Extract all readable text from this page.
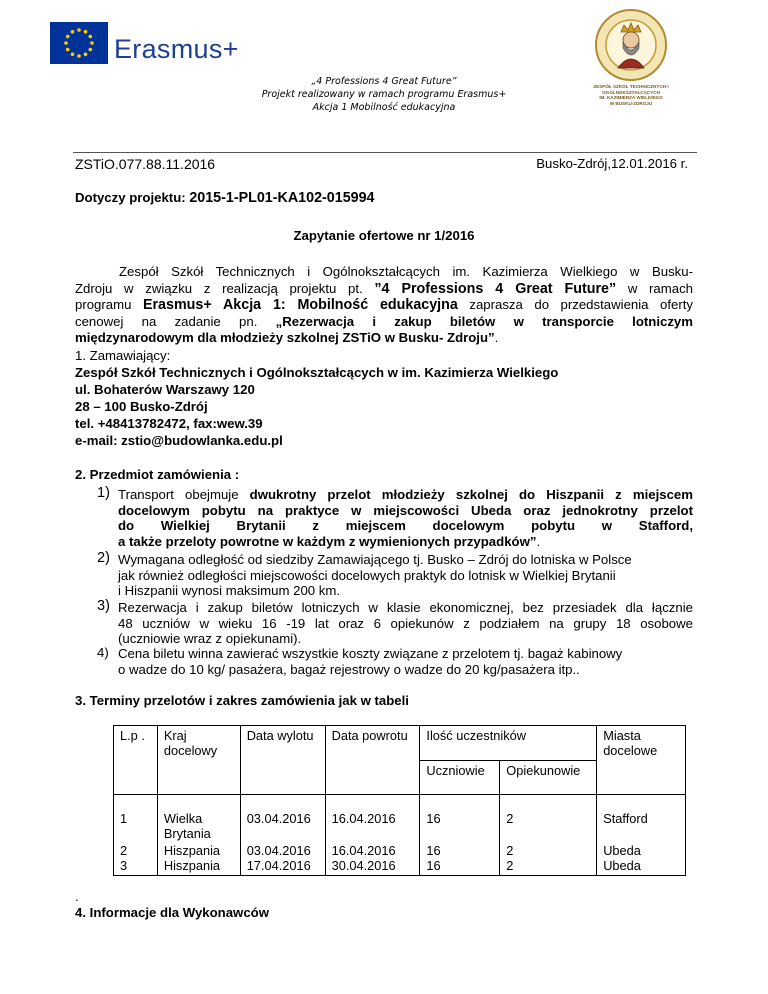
Erasmus+
ZESPÓŁ SZKÓŁ TECHNICZNYCH I OGÓLNOKSZTAŁCĄCYCH
IM. KAZIMIERZA WIELKIEGO
W BUSKU-ZDROJU
„4 Professions 4 Great Future”
Projekt realizowany w ramach programu Erasmus+
Akcja 1 Mobilność edukacyjna
ZSTiO.077.88.11.2016	Busko-Zdrój,12.01.2016 r.
Dotyczy projektu: 2015-1-PL01-KA102-015994
Zapytanie ofertowe nr 1/2016
Zespół Szkół Technicznych i Ogólnokształcących im. Kazimierza Wielkiego w Busku-
Zdroju w związku z realizacją projektu pt. ”4 Professions 4 Great Future” w ramach
programu Erasmus+ Akcja 1: Mobilność edukacyjna zaprasza do przedstawienia oferty
cenowej na zadanie pn. „Rezerwacja i zakup biletów w transporcie lotniczym
międzynarodowym dla młodzieży szkolnej ZSTiO w Busku- Zdroju”.
1. Zamawiający:
Zespół Szkół Technicznych i Ogólnokształcących w im. Kazimierza Wielkiego
ul. Bohaterów Warszawy 120
28 – 100 Busko-Zdrój
tel. +48413782472, fax:wew.39
e-mail: zstio@budowlanka.edu.pl
2. Przedmiot zamówienia :
1) Transport obejmuje dwukrotny przelot młodzieży szkolnej do Hiszpanii z miejscem
docelowym pobytu na praktyce w miejscowości Ubeda oraz jednokrotny przelot
do Wielkiej Brytanii z miejscem docelowym pobytu w Stafford,
a także przeloty powrotne w każdym z wymienionych przypadków”.
2) Wymagana odległość od siedziby Zamawiającego tj. Busko – Zdrój do lotniska w Polsce
jak również odległości miejscowości docelowych praktyk do lotnisk w Wielkiej Brytanii
i Hiszpanii wynosi maksimum 200 km.
3) Rezerwacja i zakup biletów lotniczych w klasie ekonomicznej, bez przesiadek dla łącznie
48 uczniów w wieku 16 -19 lat oraz 6 opiekunów z podziałem na grupy 18 osobowe
(uczniowie wraz z opiekunami).
4) Cena biletu winna zawierać wszystkie koszty związane z przelotem tj. bagaż kabinowy
o wadze do 10 kg/ pasażera, bagaż rejestrowy o wadze do 20 kg/pasażera itp..
3. Terminy przelotów i zakres zamówienia jak w tabeli
L.p .	Kraj docelowy	Data wylotu	Data powrotu	Ilość uczestników		Miasta docelowe
				Uczniowie	Opiekunowie	
1	Wielka Brytania	03.04.2016	16.04.2016	16	2	Stafford
2	Hiszpania	03.04.2016	16.04.2016	16	2	Ubeda
3	Hiszpania	17.04.2016	30.04.2016	16	2	Ubeda
.
4. Informacje dla Wykonawców
